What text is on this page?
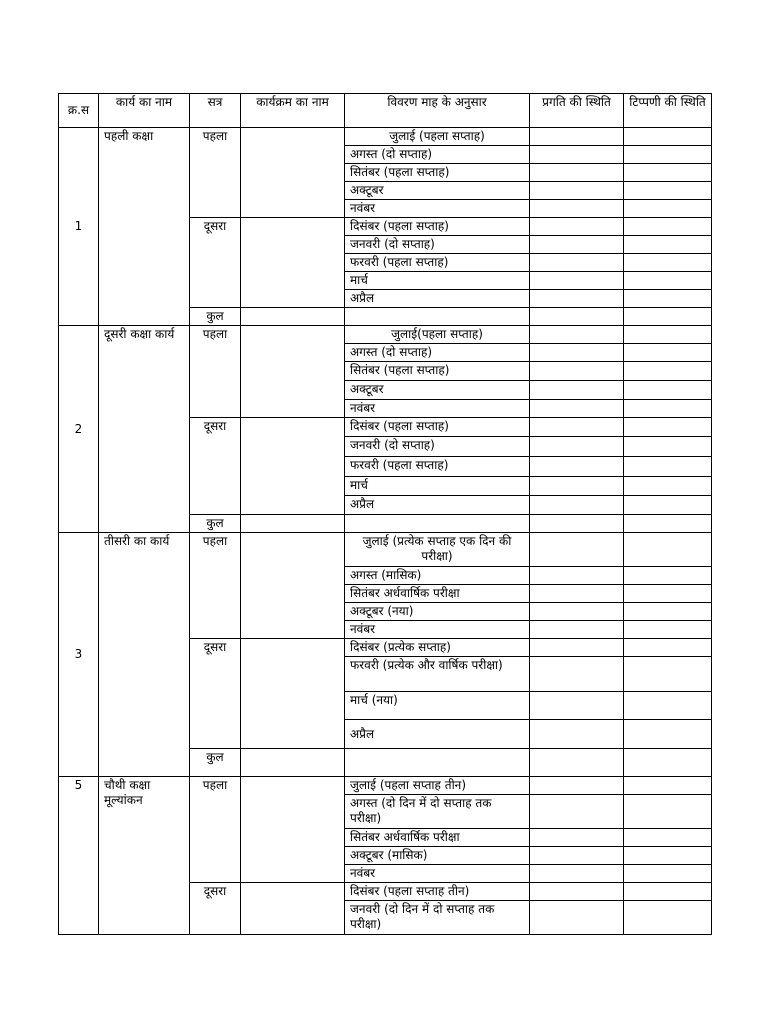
क्र.स	कार्य का नाम	सत्र	कार्यक्रम का नाम	विवरण माह के अनुसार	प्रगति की स्थिति	टिप्पणी की स्थिति
1	पहली कक्षा	पहला		जुलाई (पहला सप्ताह)		
				अगस्त (दो सप्ताह)		
				सितंबर (पहला सप्ताह)		
				अक्टूबर		
				नवंबर		
		दूसरा		दिसंबर (पहला सप्ताह)		
				जनवरी (दो सप्ताह)		
				फरवरी (पहला सप्ताह)		
				मार्च		
				अप्रैल		
		कुल				
2	दूसरी कक्षा कार्य	पहला		जुलाई(पहला सप्ताह)		
				अगस्त (दो सप्ताह)		
				सितंबर (पहला सप्ताह)		
				अक्टूबर		
				नवंबर		
		दूसरा		दिसंबर (पहला सप्ताह)		
				जनवरी (दो सप्ताह)		
				फरवरी (पहला सप्ताह)		
				मार्च		
				अप्रैल		
		कुल				
3	तीसरी का कार्य	पहला		जुलाई (प्रत्येक सप्ताह एक दिन की परीक्षा)		
				अगस्त (मासिक)		
				सितंबर अर्धवार्षिक परीक्षा		
				अक्टूबर (नया)		
				नवंबर		
		दूसरा		दिसंबर (प्रत्येक सप्ताह)		
				फरवरी (प्रत्येक और वार्षिक परीक्षा)		
				मार्च (नया)		
				अप्रैल		
		कुल				
5	चौथी कक्षा मूल्यांकन	पहला		जुलाई (पहला सप्ताह तीन)		
				अगस्त (दो दिन में दो सप्ताह तक परीक्षा)		
				सितंबर अर्धवार्षिक परीक्षा		
				अक्टूबर (मासिक)		
				नवंबर		
		दूसरा		दिसंबर (पहला सप्ताह तीन)		
				जनवरी (दो दिन में दो सप्ताह तक परीक्षा)		
